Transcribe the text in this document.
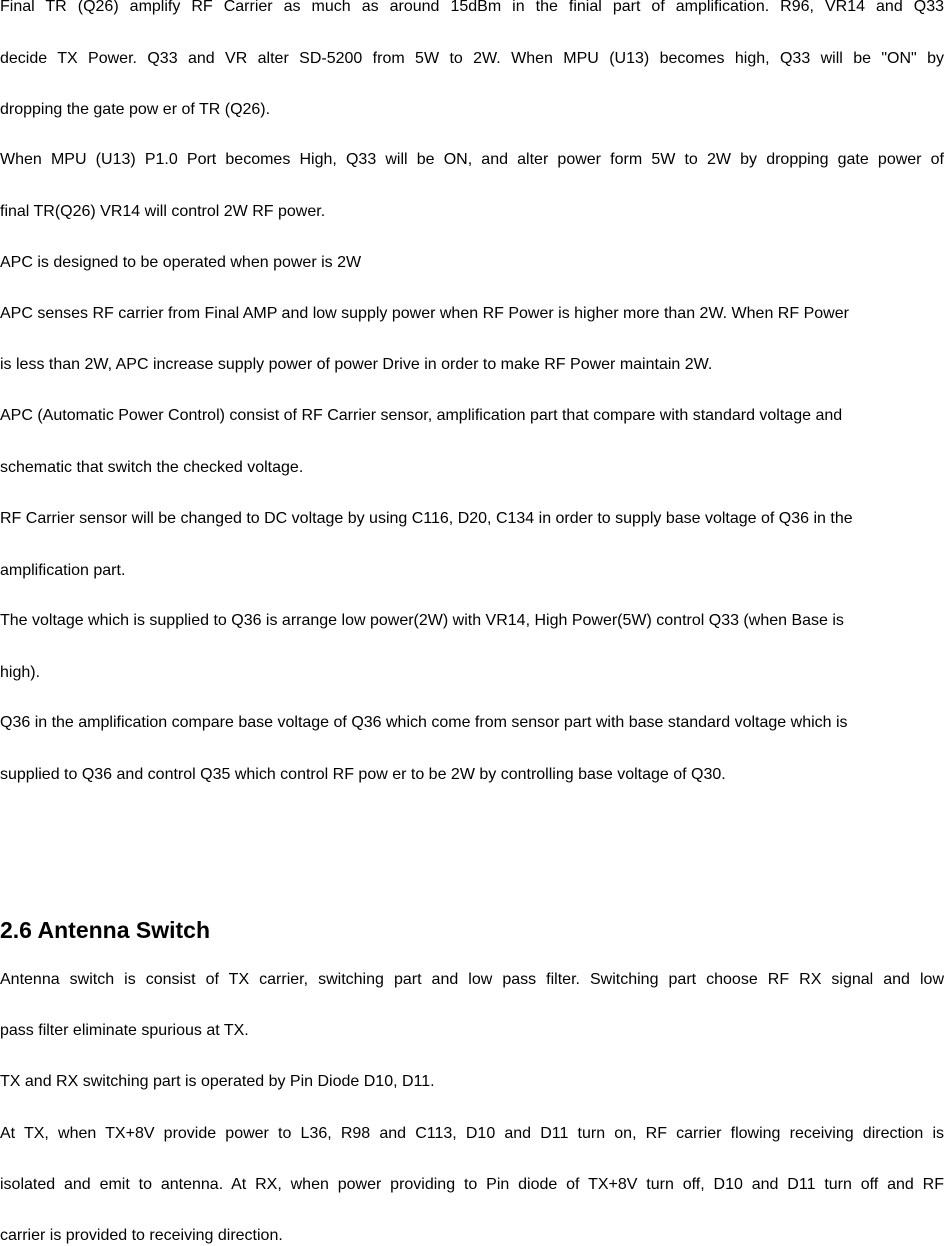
Final TR (Q26) amplify RF Carrier as much as around 15dBm in the finial part of amplification. R96, VR14 and Q33
decide TX Power. Q33 and VR alter SD-5200 from 5W to 2W. When MPU (U13) becomes high, Q33 will be "ON" by
dropping the gate pow er of TR (Q26).
When MPU (U13) P1.0 Port becomes High, Q33 will be ON, and alter power form 5W to 2W by dropping gate power of
final TR(Q26) VR14 will control 2W RF power.
APC is designed to be operated when power is 2W
APC senses RF carrier from Final AMP and low supply power when RF Power is higher more than 2W. When RF Power
is less than 2W, APC increase supply power of power Drive in order to make RF Power maintain 2W.
APC (Automatic Power Control) consist of RF Carrier sensor, amplification part that compare with standard voltage and
schematic that switch the checked voltage.
RF Carrier sensor will be changed to DC voltage by using C116, D20, C134 in order to supply base voltage of Q36 in the
amplification part.
The voltage which is supplied to Q36 is arrange low power(2W) with VR14, High Power(5W) control Q33 (when Base is
high).
Q36 in the amplification compare base voltage of Q36 which come from sensor part with base standard voltage which is
supplied to Q36 and control Q35 which control RF pow er to be 2W by controlling base voltage of Q30.
2.6 Antenna Switch
Antenna switch is consist of TX carrier, switching part and low pass filter. Switching part choose RF RX signal and low
pass filter eliminate spurious at TX.
TX and RX switching part is operated by Pin Diode D10, D11.
At TX, when TX+8V provide power to L36, R98 and C113, D10 and D11 turn on, RF carrier flowing receiving direction is
isolated and emit to antenna. At RX, when power providing to Pin diode of TX+8V turn off, D10 and D11 turn off and RF
carrier is provided to receiving direction.
